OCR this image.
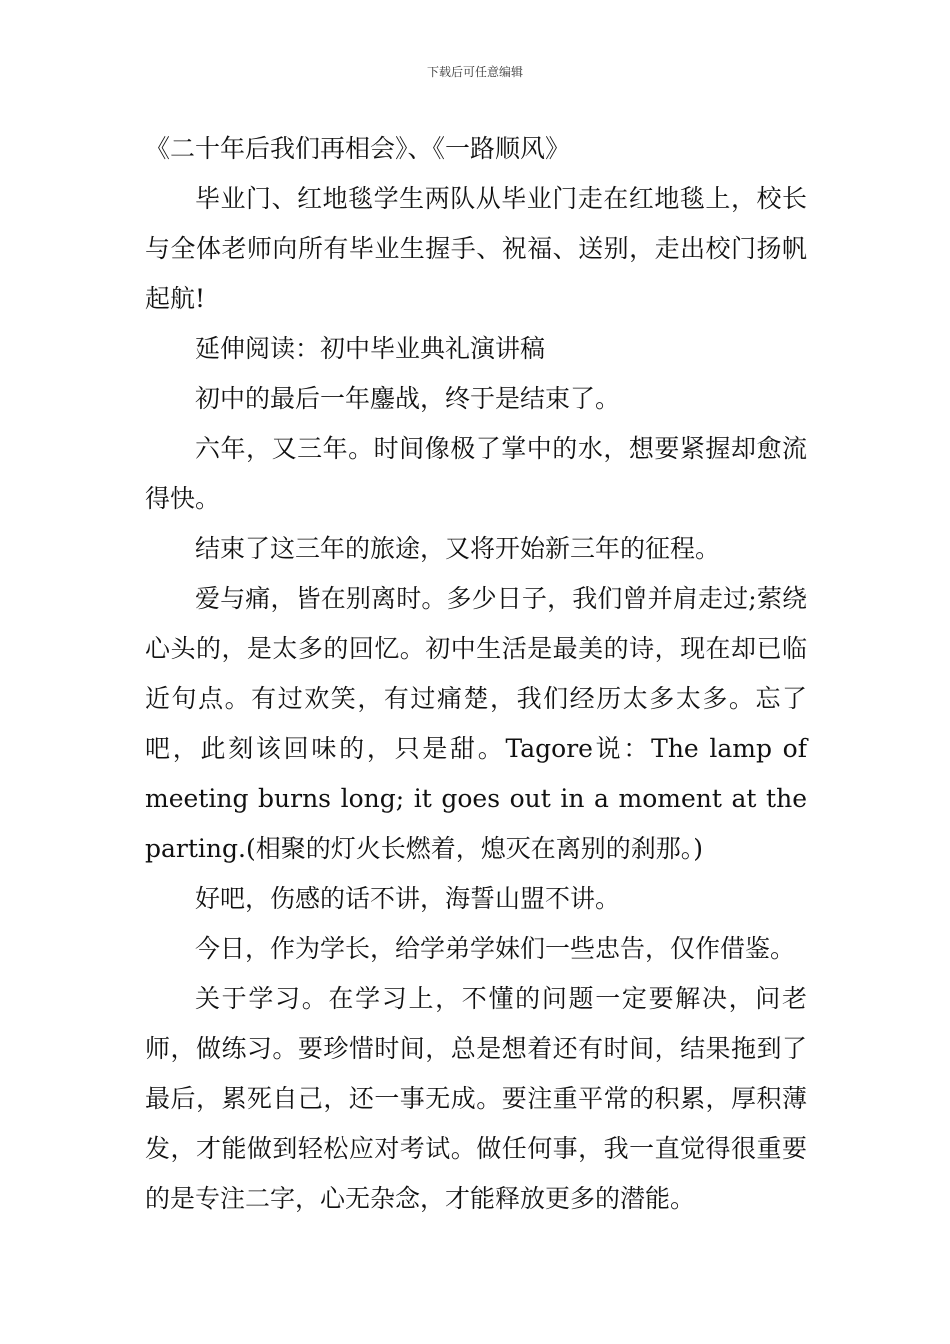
下载后可任意编辑

《二十年后我们再相会》、《一路顺风》

毕业门、红地毯学生两队从毕业门走在红地毯上，校长与全体老师向所有毕业生握手、祝福、送别，走出校门扬帆起航!

延伸阅读：初中毕业典礼演讲稿

初中的最后一年鏖战，终于是结束了。

六年，又三年。时间像极了掌中的水，想要紧握却愈流得快。

结束了这三年的旅途，又将开始新三年的征程。

爱与痛，皆在别离时。多少日子，我们曾并肩走过;萦绕心头的，是太多的回忆。初中生活是最美的诗，现在却已临近句点。有过欢笑，有过痛楚，我们经历太多太多。忘了吧，此刻该回味的，只是甜。Tagore说：The lamp of meeting burns long; it goes out in a moment at the parting.(相聚的灯火长燃着，熄灭在离别的刹那。)

好吧，伤感的话不讲，海誓山盟不讲。

今日，作为学长，给学弟学妹们一些忠告，仅作借鉴。

关于学习。在学习上，不懂的问题一定要解决，问老师，做练习。要珍惜时间，总是想着还有时间，结果拖到了最后，累死自己，还一事无成。要注重平常的积累，厚积薄发，才能做到轻松应对考试。做任何事，我一直觉得很重要的是专注二字，心无杂念，才能释放更多的潜能。
